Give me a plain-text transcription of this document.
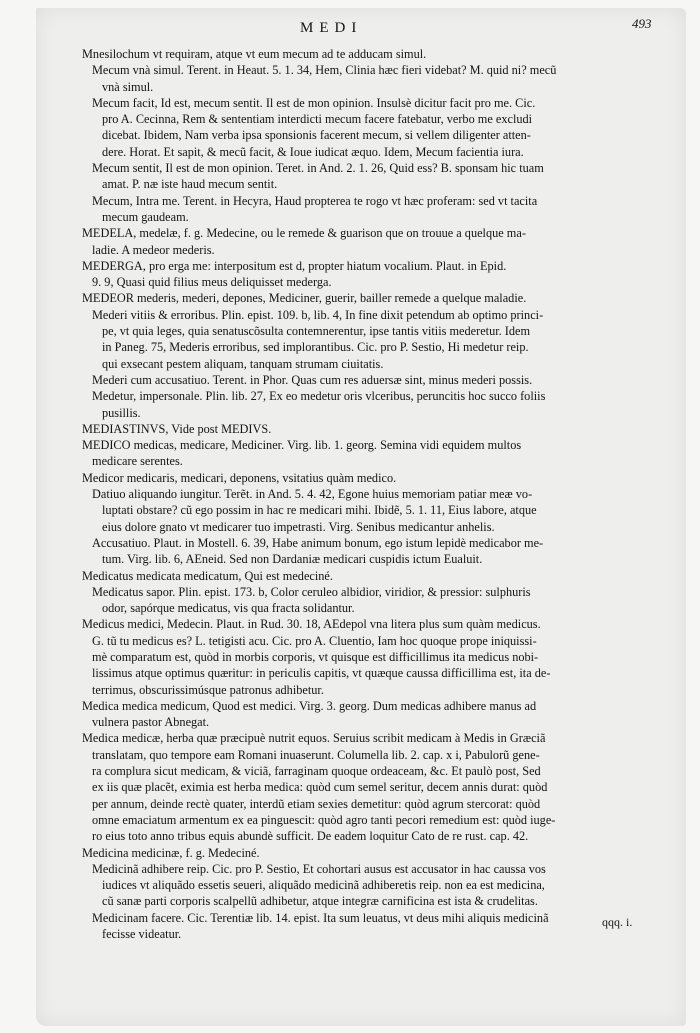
MEDI	493
Mnesilochum vt requiram, atque vt eum mecum ad te adducam simul.
Mecum vnà simul. Terent. in Heaut. 5. 1. 34, Hem, Clinia hæc fieri videbat? M. quid ni? mecũ
vnà simul.
Mecum facit, Id est, mecum sentit. Il est de mon opinion. Insulsè dicitur facit pro me. Cic.
pro A. Cecinna, Rem & sententiam interdicti mecum facere fatebatur, verbo me excludi
dicebat. Ibidem, Nam verba ipsa sponsionis facerent mecum, si vellem diligenter atten-
dere. Horat. Et sapit, & mecũ facit, & Ioue iudicat æquo. Idem, Mecum facientia iura.
Mecum sentit, Il est de mon opinion. Teret. in And. 2. 1. 26, Quid ess? B. sponsam hic tuam
amat. P. næ iste haud mecum sentit.
Mecum, Intra me. Terent. in Hecyra, Haud propterea te rogo vt hæc proferam: sed vt tacita
mecum gaudeam.
MEDELA, medelæ, f. g. Medecine, ou le remede & guarison que on trouue a quelque ma-
ladie. A medeor mederis.
MEDERGA, pro erga me: interpositum est d, propter hiatum vocalium. Plaut. in Epid.
9. 9, Quasi quid filius meus deliquisset mederga.
MEDEOR mederis, mederi, depones, Mediciner, guerir, bailler remede a quelque maladie.
Mederi vitiis & erroribus. Plin. epist. 109. b, lib. 4, In fine dixit petendum ab optimo princi-
pe, vt quia leges, quia senatuscõsulta contemnerentur, ipse tantis vitiis mederetur. Idem
in Paneg. 75, Mederis erroribus, sed implorantibus. Cic. pro P. Sestio, Hi medetur reip.
qui exsecant pestem aliquam, tanquam strumam ciuitatis.
Mederi cum accusatiuo. Terent. in Phor. Quas cum res aduersæ sint, minus mederi possis.
Medetur, impersonale. Plin. lib. 27, Ex eo medetur oris vlceribus, peruncitis hoc succo foliis
pusillis.
MEDIASTINVS, Vide post MEDIVS.
MEDICO medicas, medicare, Mediciner. Virg. lib. 1. georg. Semina vidi equidem multos
medicare serentes.
Medicor medicaris, medicari, deponens, vsitatius quàm medico.
Datiuo aliquando iungitur. Terẽt. in And. 5. 4. 42, Egone huius memoriam patiar meæ vo-
luptati obstare? cũ ego possim in hac re medicari mihi. Ibidẽ, 5. 1. 11, Eius labore, atque
eius dolore gnato vt medicarer tuo impetrasti. Virg. Senibus medicantur anhelis.
Accusatiuo. Plaut. in Mostell. 6. 39, Habe animum bonum, ego istum lepidè medicabor me-
tum. Virg. lib. 6, AEneid. Sed non Dardaniæ medicari cuspidis ictum Eualuit.
Medicatus medicata medicatum, Qui est medeciné.
Medicatus sapor. Plin. epist. 173. b, Color ceruleo albidior, viridior, & pressior: sulphuris
odor, sapórque medicatus, vis qua fracta solidantur.
Medicus medici, Medecin. Plaut. in Rud. 30. 18, AEdepol vna litera plus sum quàm medicus.
G. tũ tu medicus es? L. tetigisti acu. Cic. pro A. Cluentio, Iam hoc quoque prope iniquissi-
mè comparatum est, quòd in morbis corporis, vt quisque est difficillimus ita medicus nobi-
lissimus atque optimus quæritur: in periculis capitis, vt quæque caussa difficillima est, ita de-
terrimus, obscurissimúsque patronus adhibetur.
Medica medica medicum, Quod est medici. Virg. 3. georg. Dum medicas adhibere manus ad
vulnera pastor Abnegat.
Medica medicæ, herba quæ præcipuè nutrit equos. Seruius scribit medicam à Medis in Græciã
translatam, quo tempore eam Romani inuaserunt. Columella lib. 2. cap. x i, Pabulorũ gene-
ra complura sicut medicam, & viciã, farraginam quoque ordeaceam, &c. Et paulò post, Sed
ex iis quæ placẽt, eximia est herba medica: quòd cum semel seritur, decem annis durat: quòd
per annum, deinde rectè quater, interdũ etiam sexies demetitur: quòd agrum stercorat: quòd
omne emaciatum armentum ex ea pinguescit: quòd agro tanti pecori remedium est: quòd iuge-
ro eius toto anno tribus equis abundè sufficit. De eadem loquitur Cato de re rust. cap. 42.
Medicina medicinæ, f. g. Medeciné.
Medicinã adhibere reip. Cic. pro P. Sestio, Et cohortari ausus est accusator in hac caussa vos
iudices vt aliquãdo essetis seueri, aliquãdo medicinã adhiberetis reip. non ea est medicina,
cũ sanæ parti corporis scalpellũ adhibetur, atque integræ carnificina est ista & crudelitas.
Medicinam facere. Cic. Terentiæ lib. 14. epist. Ita sum leuatus, vt deus mihi aliquis medicinã
fecisse videatur.
qqq. i.
